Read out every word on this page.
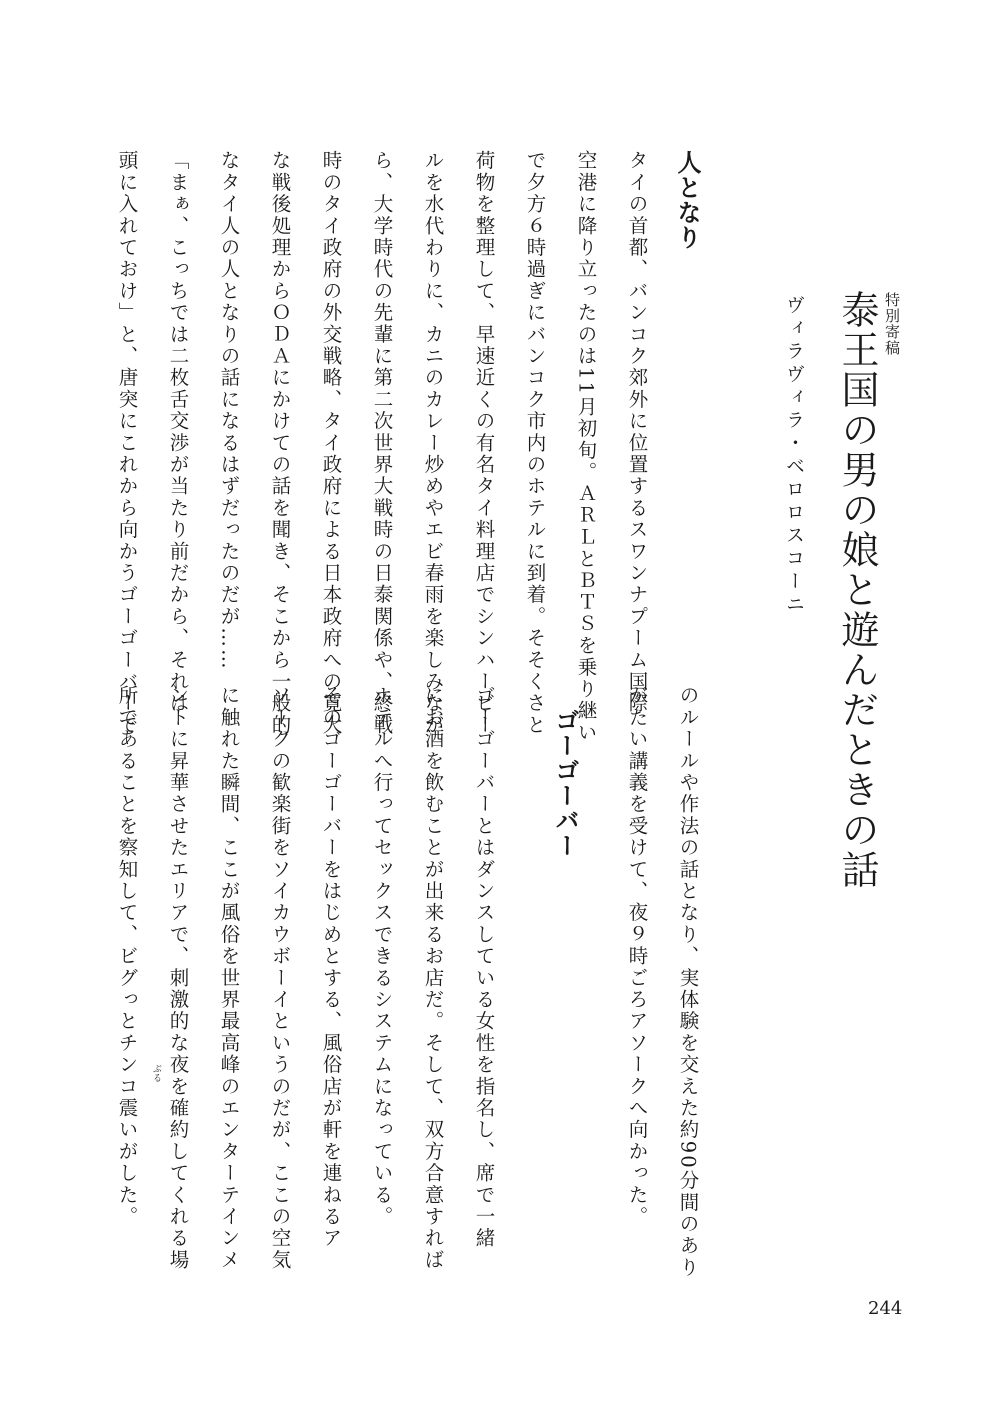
特別寄稿
泰王国の男の娘と遊んだときの話
ヴィラヴィラ・ベロロスコーニ
人となり
タイの首都、バンコク郊外に位置するスワンナプーム国際
空港に降り立ったのは11月初旬。ＡＲＬとＢＴＳを乗り継い
で夕方６時過ぎにバンコク市内のホテルに到着。そそくさと
荷物を整理して、早速近くの有名タイ料理店でシンハービー
ルを水代わりに、カニのカレー炒めやエビ春雨を楽しみなが
ら、大学時代の先輩に第二次世界大戦時の日泰関係や、終戦
時のタイ政府の外交戦略、タイ政府による日本政府への寛大
な戦後処理からＯＤＡにかけての話を聞き、そこから一般的
なタイ人の人となりの話になるはずだったのだが……
「まぁ、こっちでは二枚舌交渉が当たり前だから、それは
頭に入れておけ」と、唐突にこれから向かうゴーゴーバーで
のルールや作法の話となり、実体験を交えた約90分間のあり
がたい講義を受けて、夜９時ごろアソークへ向かった。
ゴーゴーバー
ゴーゴーバーとはダンスしている女性を指名し、席で一緒
にお酒を飲むことが出来るお店だ。そして、双方合意すれば
ホテルへ行ってセックスできるシステムになっている。
そのゴーゴーバーをはじめとする、風俗店が軒を連ねるア
ソークの歓楽街をソイカウボーイというのだが、ここの空気
に触れた瞬間、ここが風俗を世界最高峰のエンターテインメ
ントに昇華させたエリアで、刺激的な夜を確約してくれる場
所であることを察知して、ビグっとチンコ震いがした。 ぶる
244
